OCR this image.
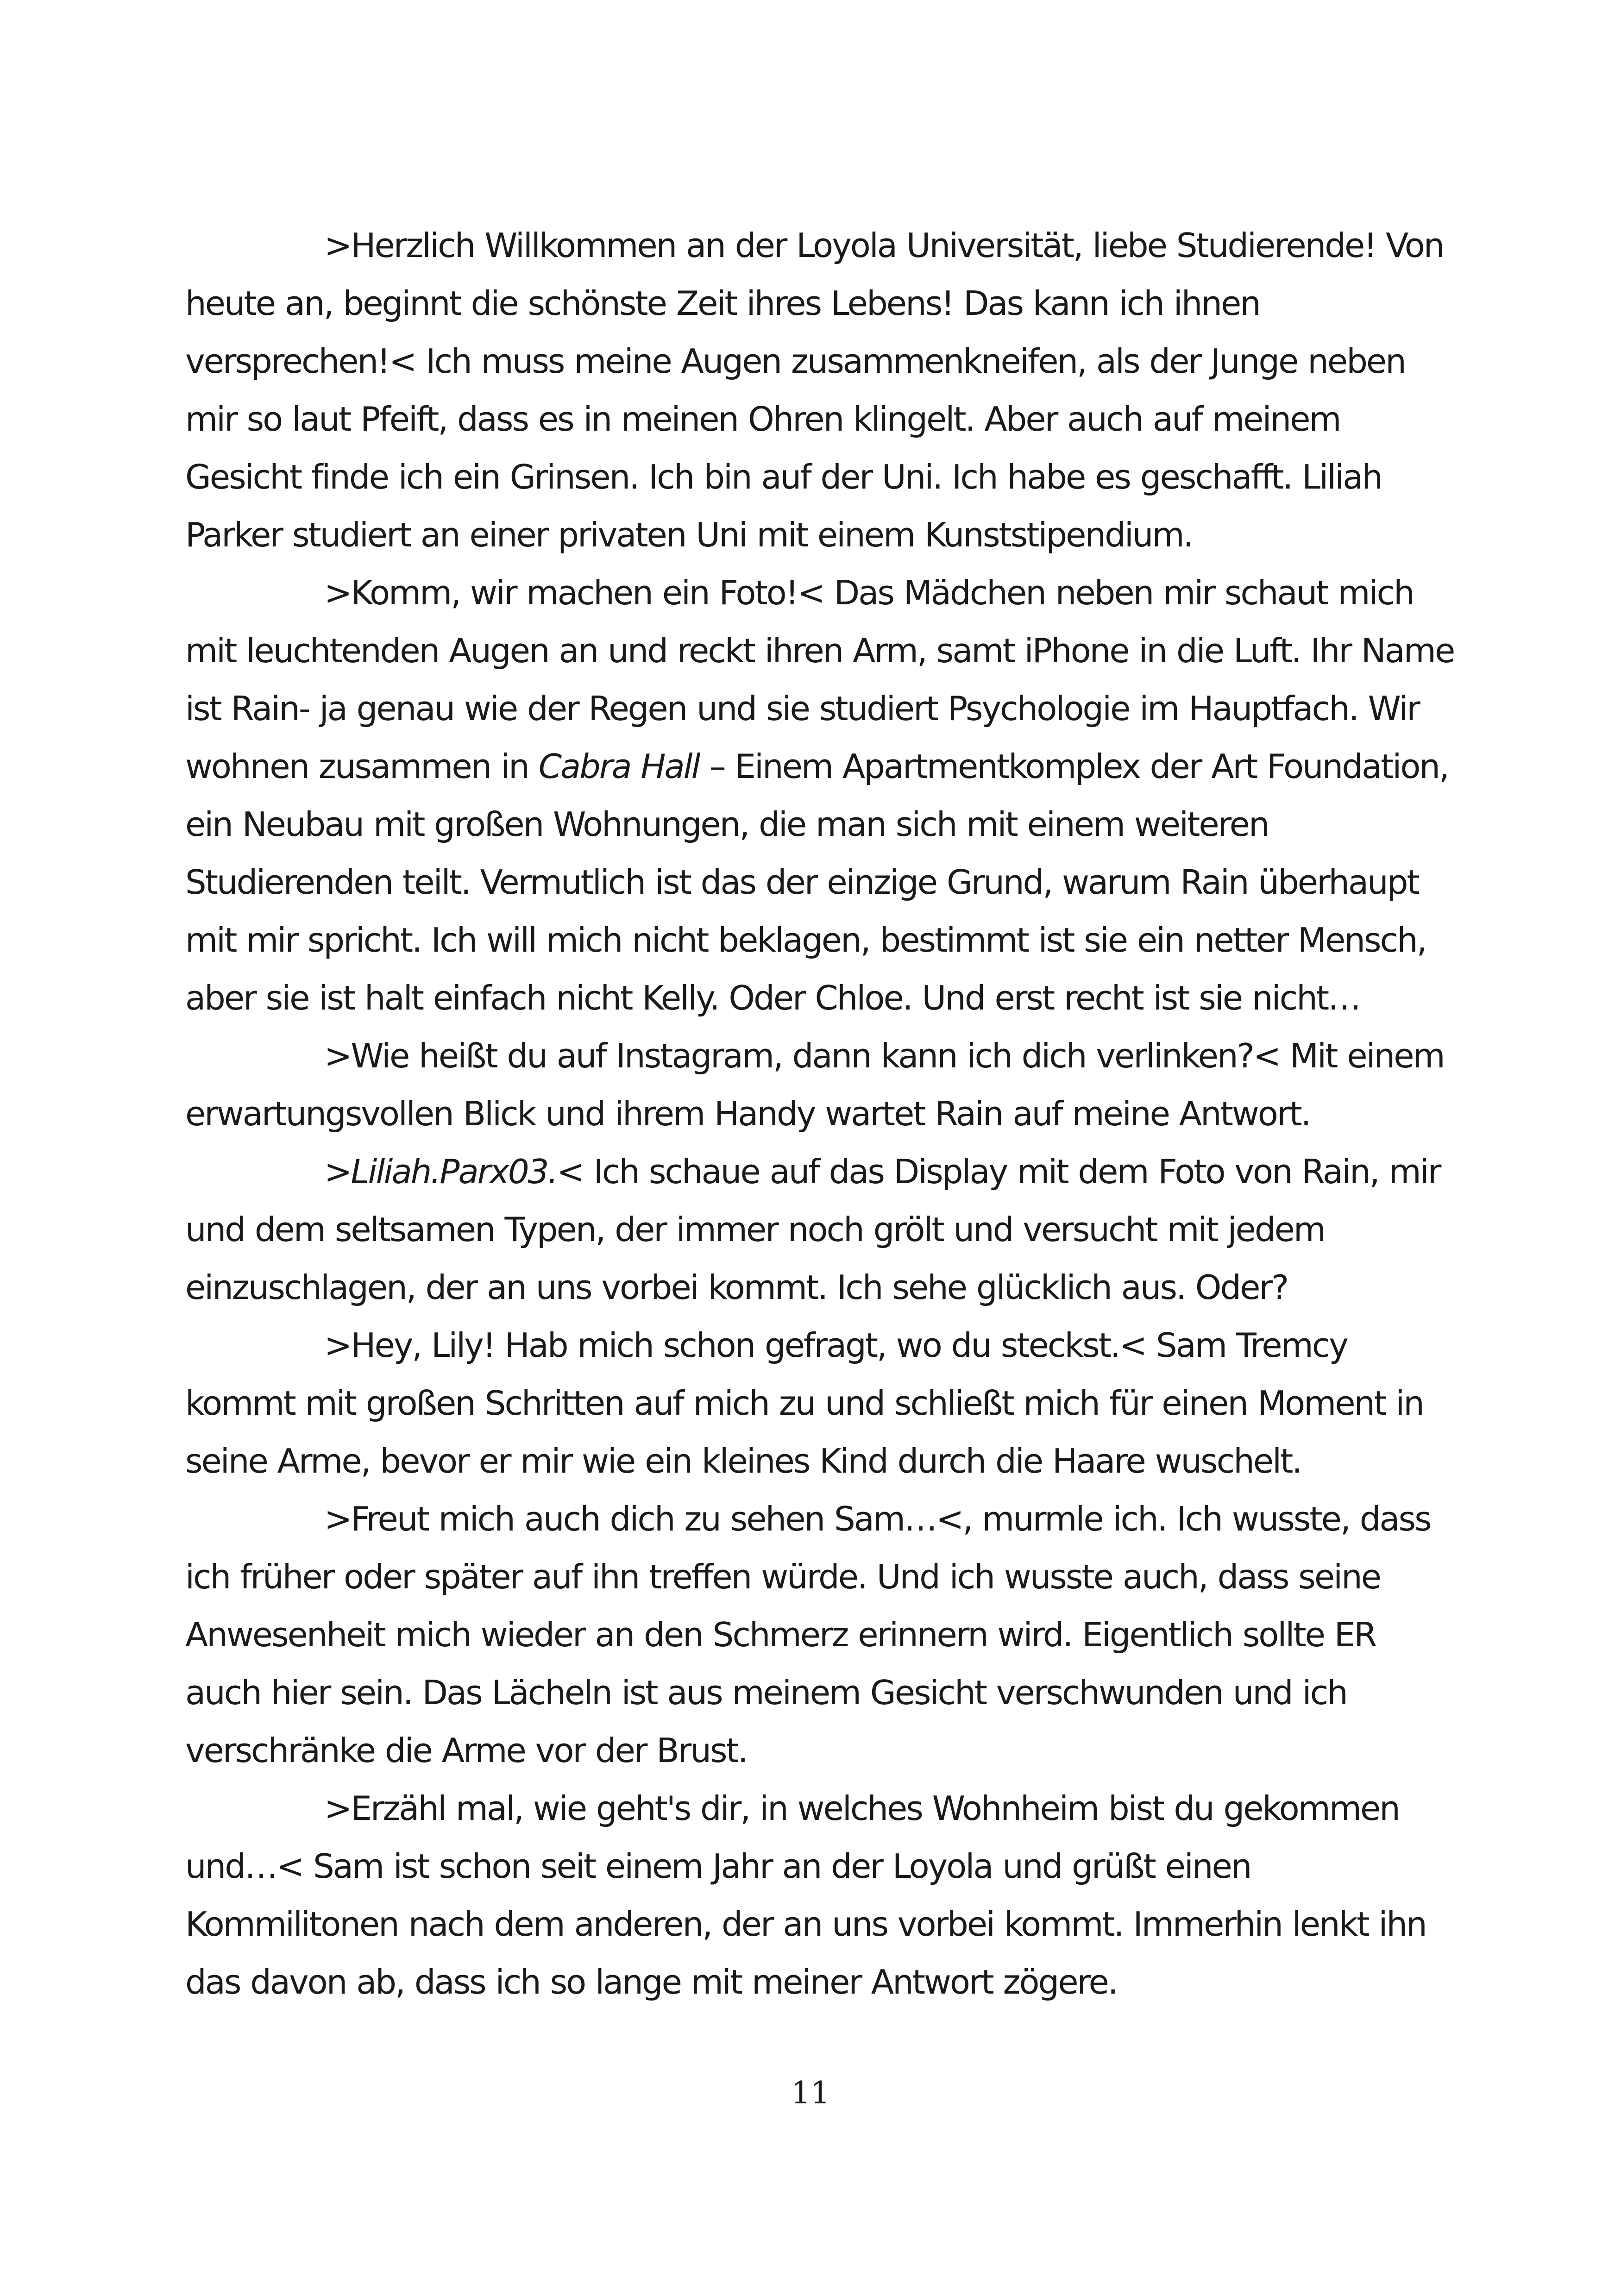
>Herzlich Willkommen an der Loyola Universität, liebe Studierende! Von heute an, beginnt die schönste Zeit ihres Lebens! Das kann ich ihnen versprechen!< Ich muss meine Augen zusammenkneifen, als der Junge neben mir so laut Pfeift, dass es in meinen Ohren klingelt. Aber auch auf meinem Gesicht finde ich ein Grinsen. Ich bin auf der Uni. Ich habe es geschafft. Liliah Parker studiert an einer privaten Uni mit einem Kunststipendium.

>Komm, wir machen ein Foto!< Das Mädchen neben mir schaut mich mit leuchtenden Augen an und reckt ihren Arm, samt iPhone in die Luft. Ihr Name ist Rain- ja genau wie der Regen und sie studiert Psychologie im Hauptfach. Wir wohnen zusammen in Cabra Hall – Einem Apartmentkomplex der Art Foundation, ein Neubau mit großen Wohnungen, die man sich mit einem weiteren Studierenden teilt. Vermutlich ist das der einzige Grund, warum Rain überhaupt mit mir spricht. Ich will mich nicht beklagen, bestimmt ist sie ein netter Mensch, aber sie ist halt einfach nicht Kelly. Oder Chloe. Und erst recht ist sie nicht…

>Wie heißt du auf Instagram, dann kann ich dich verlinken?< Mit einem erwartungsvollen Blick und ihrem Handy wartet Rain auf meine Antwort.

>Liliah.Parx03.< Ich schaue auf das Display mit dem Foto von Rain, mir und dem seltsamen Typen, der immer noch grölt und versucht mit jedem einzuschlagen, der an uns vorbei kommt. Ich sehe glücklich aus. Oder?

>Hey, Lily! Hab mich schon gefragt, wo du steckst.< Sam Tremcy kommt mit großen Schritten auf mich zu und schließt mich für einen Moment in seine Arme, bevor er mir wie ein kleines Kind durch die Haare wuschelt.

>Freut mich auch dich zu sehen Sam…<, murmle ich. Ich wusste, dass ich früher oder später auf ihn treffen würde. Und ich wusste auch, dass seine Anwesenheit mich wieder an den Schmerz erinnern wird. Eigentlich sollte ER auch hier sein. Das Lächeln ist aus meinem Gesicht verschwunden und ich verschränke die Arme vor der Brust.

>Erzähl mal, wie geht's dir, in welches Wohnheim bist du gekommen und…< Sam ist schon seit einem Jahr an der Loyola und grüßt einen Kommilitonen nach dem anderen, der an uns vorbei kommt. Immerhin lenkt ihn das davon ab, dass ich so lange mit meiner Antwort zögere.

11
